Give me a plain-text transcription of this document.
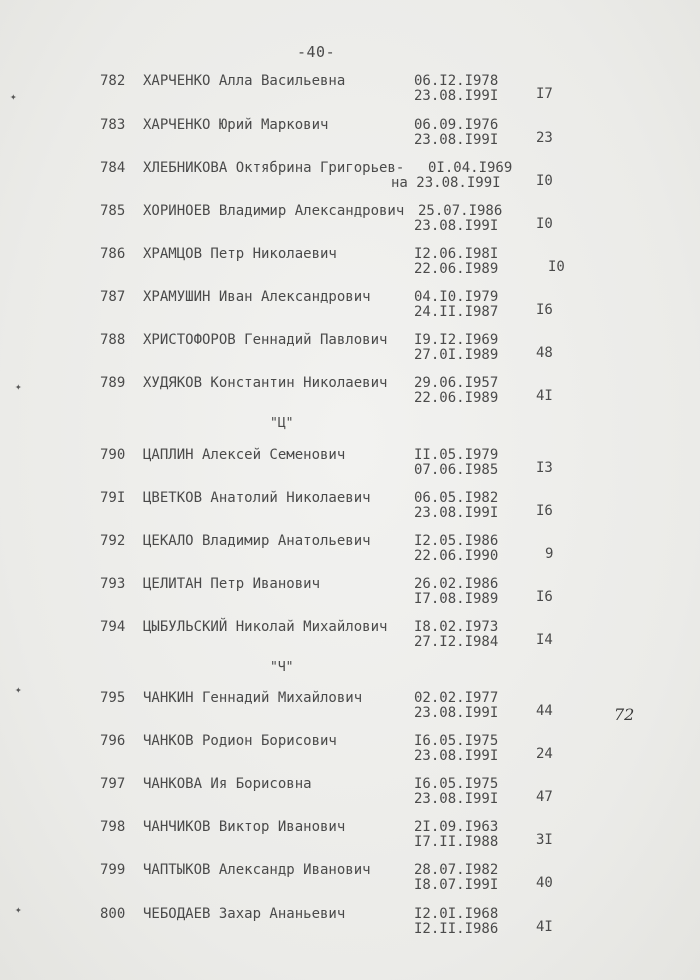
-40-
782 ХАРЧЕНКО Алла Васильевна	06.I2.I978
23.08.I99I	I7
783 ХАРЧЕНКО Юрий Маркович	06.09.I976
23.08.I99I	23
784 ХЛЕБНИКОВА Октябрина Григорьев- 0I.04.I969
на 23.08.I99I	I0
785 ХОРИНОЕВ Владимир Александрович 25.07.I986
23.08.I99I	I0
786 ХРАМЦОВ Петр Николаевич	I2.06.I98I
22.06.I989	I0
787 ХРАМУШИН Иван Александрович	04.I0.I979
24.II.I987	I6
788 ХРИСТОФОРОВ Геннадий Павлович I9.I2.I969
27.0I.I989	48
789 ХУДЯКОВ Константин Николаевич 29.06.I957
22.06.I989	4I
"Ц"
790 ЦАПЛИН Алексей Семенович	II.05.I979
07.06.I985	I3
79I ЦВЕТКОВ Анатолий Николаевич	06.05.I982
23.08.I99I	I6
792 ЦЕКАЛО Владимир Анатольевич	I2.05.I986
22.06.I990	9
793 ЦЕЛИТАН Петр Иванович	26.02.I986
I7.08.I989	I6
794 ЦЫБУЛЬСКИЙ Николай Михайлович I8.02.I973
27.I2.I984	I4
"Ч"
795 ЧАНКИН Геннадий Михайлович	02.02.I977
23.08.I99I	44
796 ЧАНКОВ Родион Борисович	I6.05.I975
23.08.I99I	24
797 ЧАНКОВА Ия Борисовна	I6.05.I975
23.08.I99I	47
798 ЧАНЧИКОВ Виктор Иванович	2I.09.I963
I7.II.I988	3I
799 ЧАПТЫКОВ Александр Иванович	28.07.I982
I8.07.I99I	40
800 ЧЕБОДАЕВ Захар Ананьевич	I2.0I.I968
I2.II.I986	4I
72
✦
✦
✦
✦
